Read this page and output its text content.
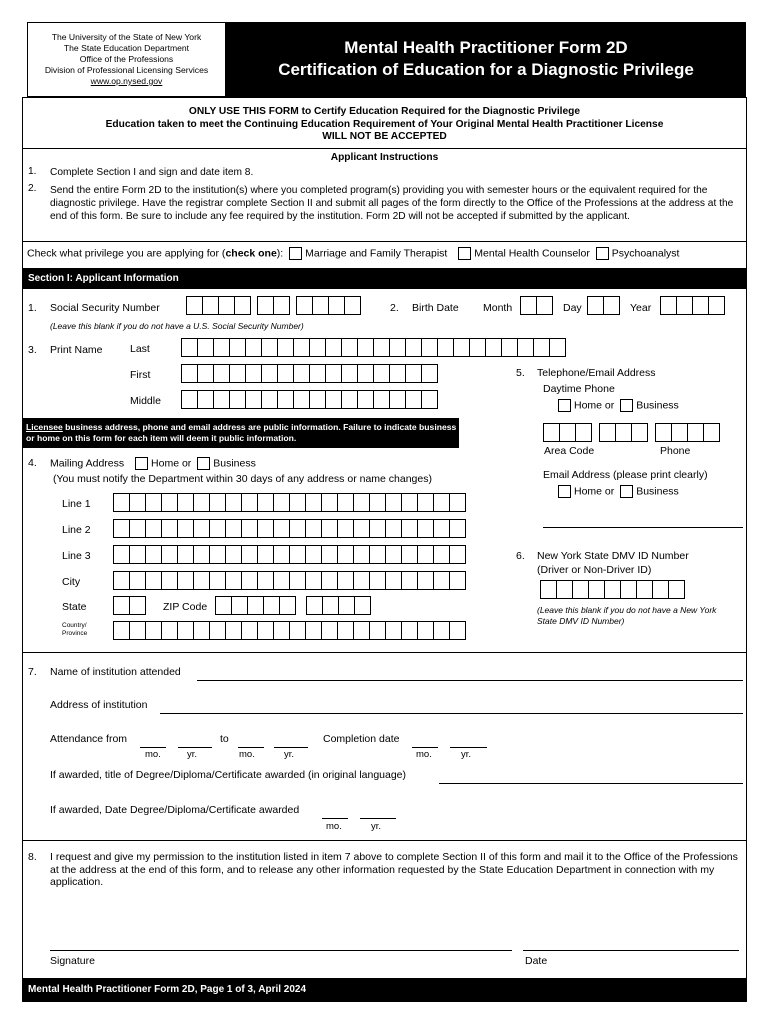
The University of the State of New York
The State Education Department
Office of the Professions
Division of Professional Licensing Services
www.op.nysed.gov
Mental Health Practitioner Form 2D
Certification of Education for a Diagnostic Privilege
ONLY USE THIS FORM to Certify Education Required for the Diagnostic Privilege
Education taken to meet the Continuing Education Requirement of Your Original Mental Health Practitioner License
WILL NOT BE ACCEPTED
Applicant Instructions
1. Complete Section I and sign and date item 8.
2. Send the entire Form 2D to the institution(s) where you completed program(s) providing you with semester hours or the equivalent required for the diagnostic privilege. Have the registrar complete Section II and submit all pages of the form directly to the Office of the Professions at the address at the end of this form. Be sure to include any fee required by the institution. Form 2D will not be accepted if submitted by the applicant.
Check what privilege you are applying for (check one): Marriage and Family Therapist	Mental Health Counselor Psychoanalyst
Section I: Applicant Information
1. Social Security Number
(Leave this blank if you do not have a U.S. Social Security Number)
2. Birth Date Month	Day	Year
3. Print Name	Last
First
Middle
Licensee business address, phone and email address are public information. Failure to indicate business or home on this form for each item will deem it public information.
4. Mailing Address	Home or Business
(You must notify the Department within 30 days of any address or name changes)
Line 1
Line 2
Line 3
City
State	ZIP Code
Country/ Province
5. Telephone/Email Address
Daytime Phone
Home or Business
Area Code	Phone
Email Address (please print clearly)
Home or Business
6. New York State DMV ID Number
(Driver or Non-Driver ID)
(Leave this blank if you do not have a New York State DMV ID Number)
7. Name of institution attended
Address of institution
Attendance from	to	Completion date
mo.	yr.	mo.	yr.	mo.	yr.
If awarded, title of Degree/Diploma/Certificate awarded (in original language)
If awarded, Date Degree/Diploma/Certificate awarded
mo.	yr.
8. I request and give my permission to the institution listed in item 7 above to complete Section II of this form and mail it to the Office of the Professions at the address at the end of this form, and to release any other information requested by the State Education Department in connection with my application.
Signature	Date
Mental Health Practitioner Form 2D, Page 1 of 3, April 2024
